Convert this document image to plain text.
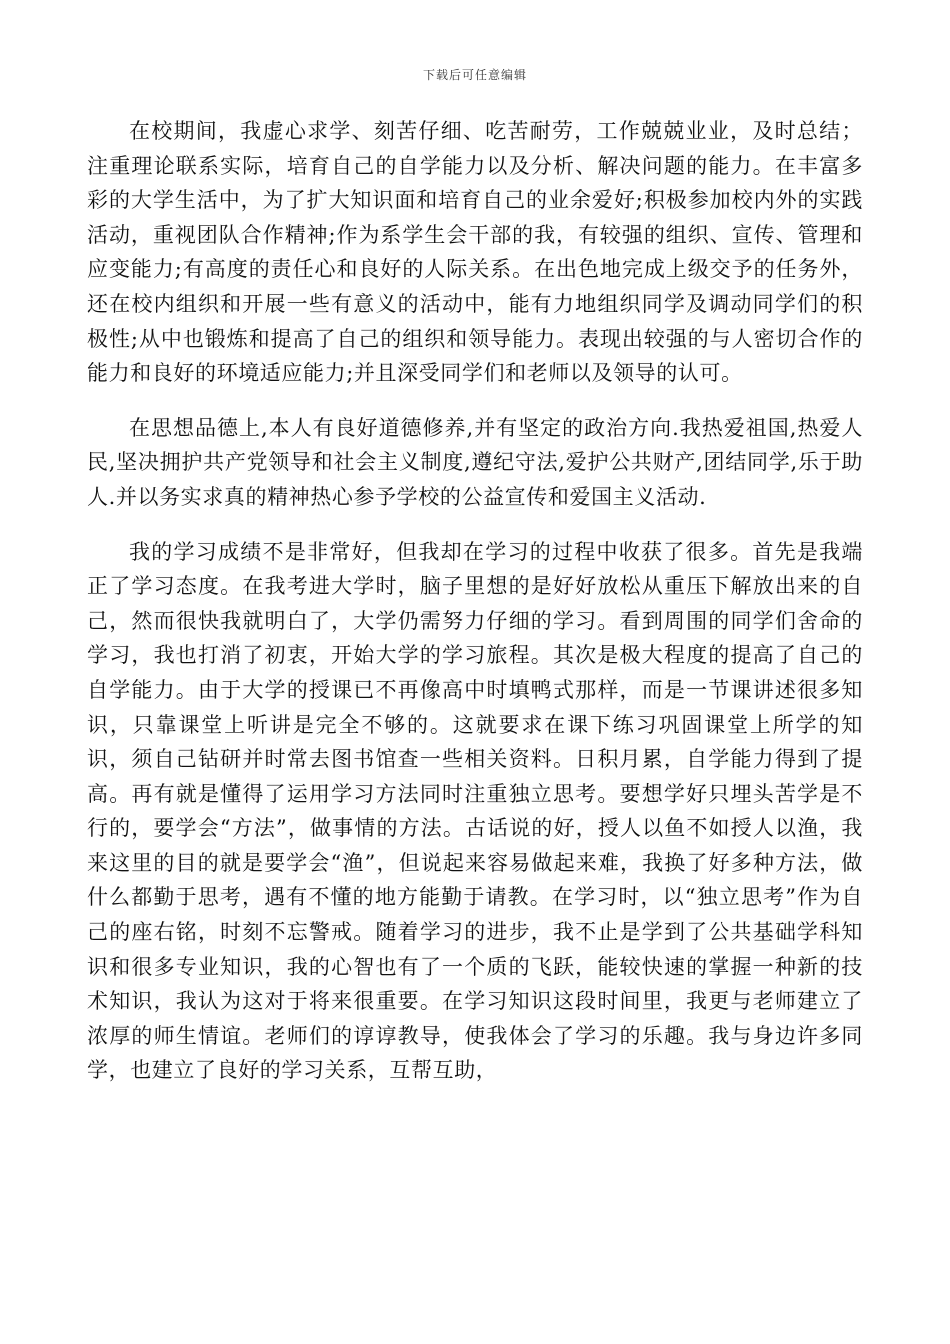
下载后可任意编辑

在校期间，我虚心求学、刻苦仔细、吃苦耐劳，工作兢兢业业，及时总结；注重理论联系实际，培育自己的自学能力以及分析、解决问题的能力。在丰富多彩的大学生活中，为了扩大知识面和培育自己的业余爱好;积极参加校内外的实践活动，重视团队合作精神;作为系学生会干部的我，有较强的组织、宣传、管理和应变能力;有高度的责任心和良好的人际关系。在出色地完成上级交予的任务外，还在校内组织和开展一些有意义的活动中，能有力地组织同学及调动同学们的积极性;从中也锻炼和提高了自己的组织和领导能力。表现出较强的与人密切合作的能力和良好的环境适应能力;并且深受同学们和老师以及领导的认可。

在思想品德上,本人有良好道德修养,并有坚定的政治方向.我热爱祖国,热爱人民,坚决拥护共产党领导和社会主义制度,遵纪守法,爱护公共财产,团结同学,乐于助人.并以务实求真的精神热心参予学校的公益宣传和爱国主义活动.

我的学习成绩不是非常好，但我却在学习的过程中收获了很多。首先是我端正了学习态度。在我考进大学时，脑子里想的是好好放松从重压下解放出来的自己，然而很快我就明白了，大学仍需努力仔细的学习。看到周围的同学们舍命的学习，我也打消了初衷，开始大学的学习旅程。其次是极大程度的提高了自己的自学能力。由于大学的授课已不再像高中时填鸭式那样，而是一节课讲述很多知识，只靠课堂上听讲是完全不够的。这就要求在课下练习巩固课堂上所学的知识，须自己钻研并时常去图书馆查一些相关资料。日积月累，自学能力得到了提高。再有就是懂得了运用学习方法同时注重独立思考。要想学好只埋头苦学是不行的，要学会“方法”，做事情的方法。古话说的好，授人以鱼不如授人以渔，我来这里的目的就是要学会“渔”，但说起来容易做起来难，我换了好多种方法，做什么都勤于思考，遇有不懂的地方能勤于请教。在学习时，以“独立思考”作为自己的座右铭，时刻不忘警戒。随着学习的进步，我不止是学到了公共基础学科知识和很多专业知识，我的心智也有了一个质的飞跃，能较快速的掌握一种新的技术知识，我认为这对于将来很重要。在学习知识这段时间里，我更与老师建立了浓厚的师生情谊。老师们的谆谆教导，使我体会了学习的乐趣。我与身边许多同学，也建立了良好的学习关系，互帮互助，
